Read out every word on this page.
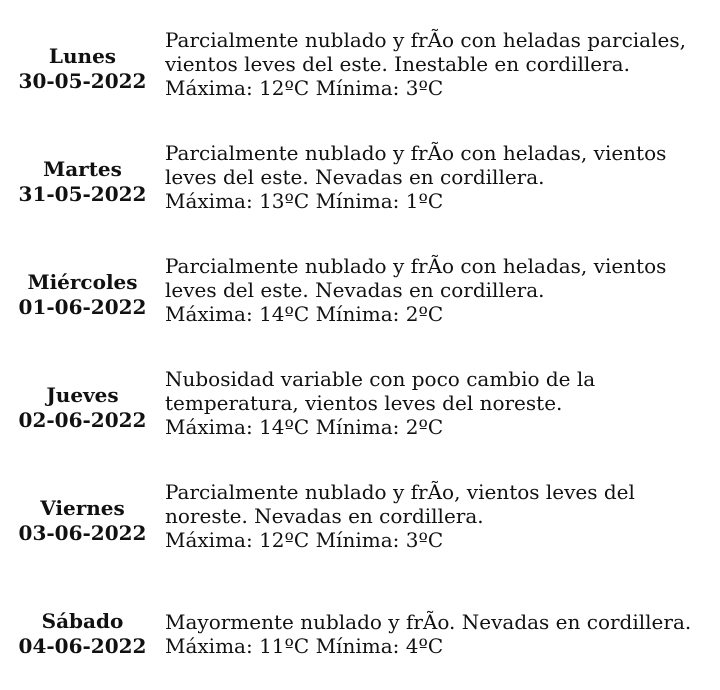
Lunes
30-05-2022
Parcialmente nublado y frÃo con heladas parciales,
vientos leves del este. Inestable en cordillera.
Máxima: 12ºC Mínima: 3ºC
Martes
31-05-2022
Parcialmente nublado y frÃo con heladas, vientos
leves del este. Nevadas en cordillera.
Máxima: 13ºC Mínima: 1ºC
Miércoles
01-06-2022
Parcialmente nublado y frÃo con heladas, vientos
leves del este. Nevadas en cordillera.
Máxima: 14ºC Mínima: 2ºC
Jueves
02-06-2022
Nubosidad variable con poco cambio de la
temperatura, vientos leves del noreste.
Máxima: 14ºC Mínima: 2ºC
Viernes
03-06-2022
Parcialmente nublado y frÃo, vientos leves del
noreste. Nevadas en cordillera.
Máxima: 12ºC Mínima: 3ºC
Sábado
04-06-2022
Mayormente nublado y frÃo. Nevadas en cordillera.
Máxima: 11ºC Mínima: 4ºC
